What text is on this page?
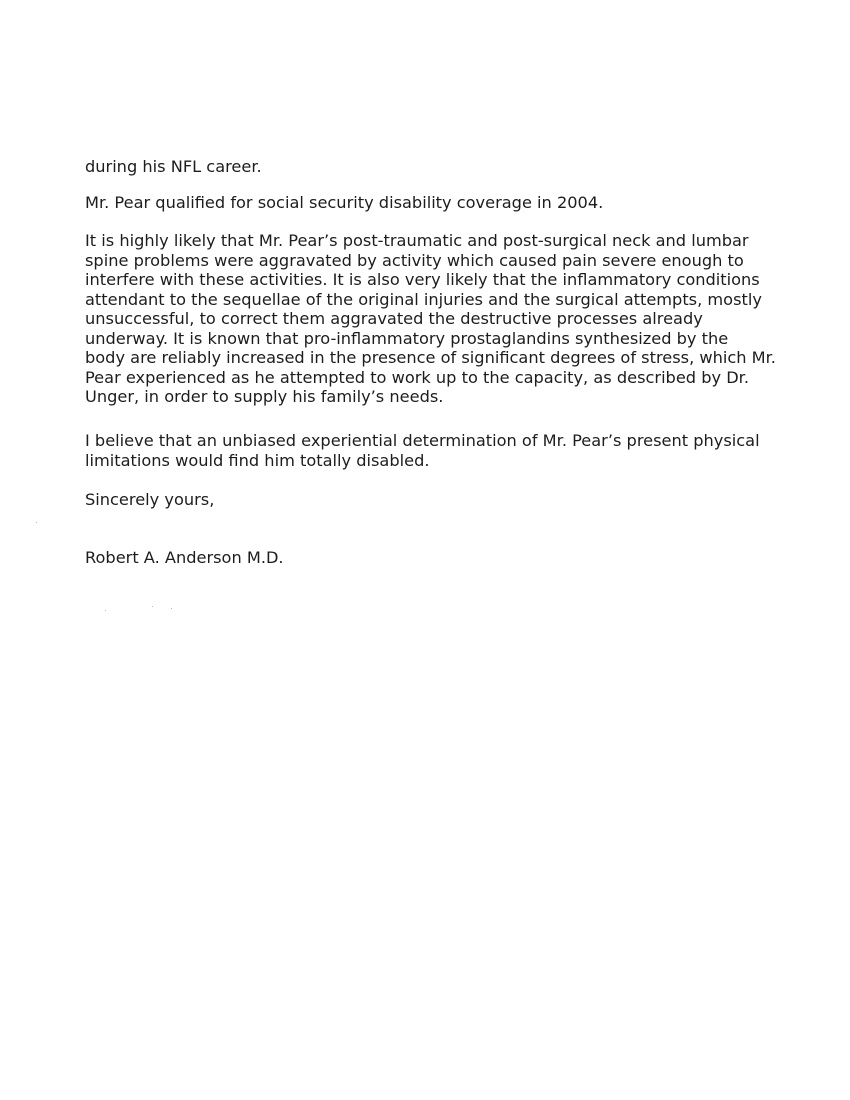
during his NFL career.
Mr. Pear qualified for social security disability coverage in 2004.
It is highly likely that Mr. Pear’s post-traumatic and post-surgical neck and lumbar
spine problems were aggravated by activity which caused pain severe enough to
interfere with these activities. It is also very likely that the inflammatory conditions
attendant to the sequellae of the original injuries and the surgical attempts, mostly
unsuccessful, to correct them aggravated the destructive processes already
underway. It is known that pro-inflammatory prostaglandins synthesized by the
body are reliably increased in the presence of significant degrees of stress, which Mr.
Pear experienced as he attempted to work up to the capacity, as described by Dr.
Unger, in order to supply his family’s needs.
I believe that an unbiased experiential determination of Mr. Pear’s present physical
limitations would find him totally disabled.
Sincerely yours,
Robert A. Anderson M.D.
